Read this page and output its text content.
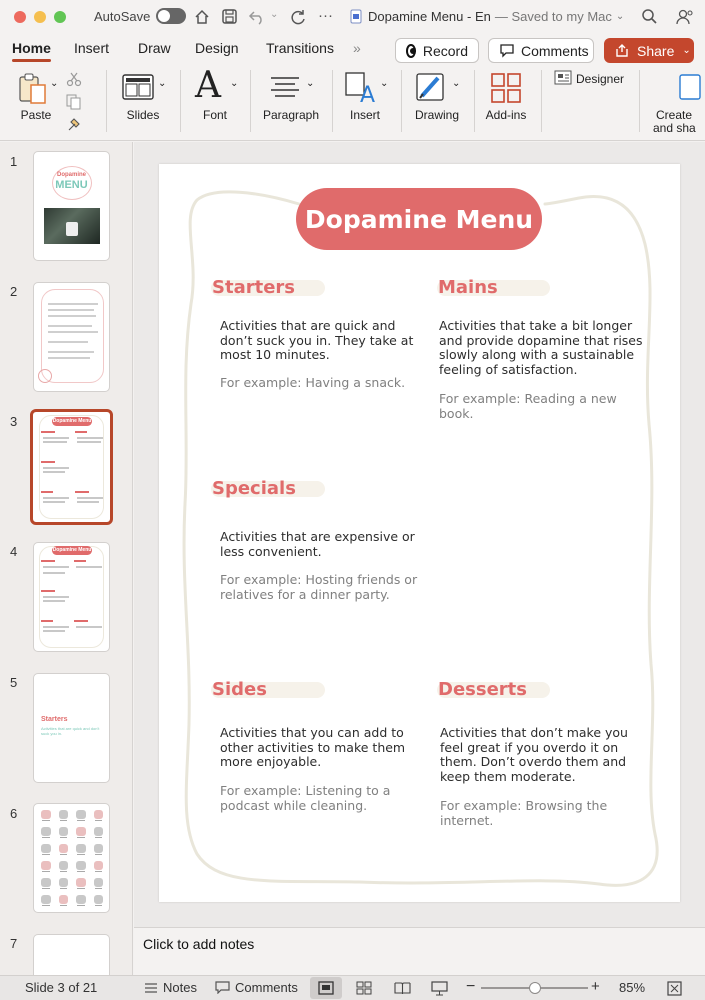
AutoSave	⌄	···	Dopamine Menu - En — Saved to my Mac ⌄
Home Insert Draw Design Transitions »	Record	Comments	Share ⌄
⌄
Paste
⌄
Slides
A ⌄
Font
⌄
Paragraph
A ⌄
Insert
⌄
Drawing	Add-ins
Designer
Create
and sha
1
Dopamine
MENU
2
3	Dopamine Menu
4	Dopamine Menu
5
Starters
Activities that are quick and don't suck you in.
6
7
Dopamine Menu
Starters
Activities that are quick and
don’t suck you in. They take at
most 10 minutes.
For example: Having a snack.
Mains
Activities that take a bit longer
and provide dopamine that rises
slowly along with a sustainable
feeling of satisfaction.
For example: Reading a new
book.
Specials
Activities that are expensive or
less convenient.
For example: Hosting friends or
relatives for a dinner party.
Sides
Activities that you can add to
other activities to make them
more enjoyable.
For example: Listening to a
podcast while cleaning.
Desserts
Activities that don’t make you
feel great if you overdo it on
them. Don’t overdo them and
keep them moderate.
For example: Browsing the
internet.
Click to add notes
Slide 3 of 21	Notes	Comments	−	+ 85%
